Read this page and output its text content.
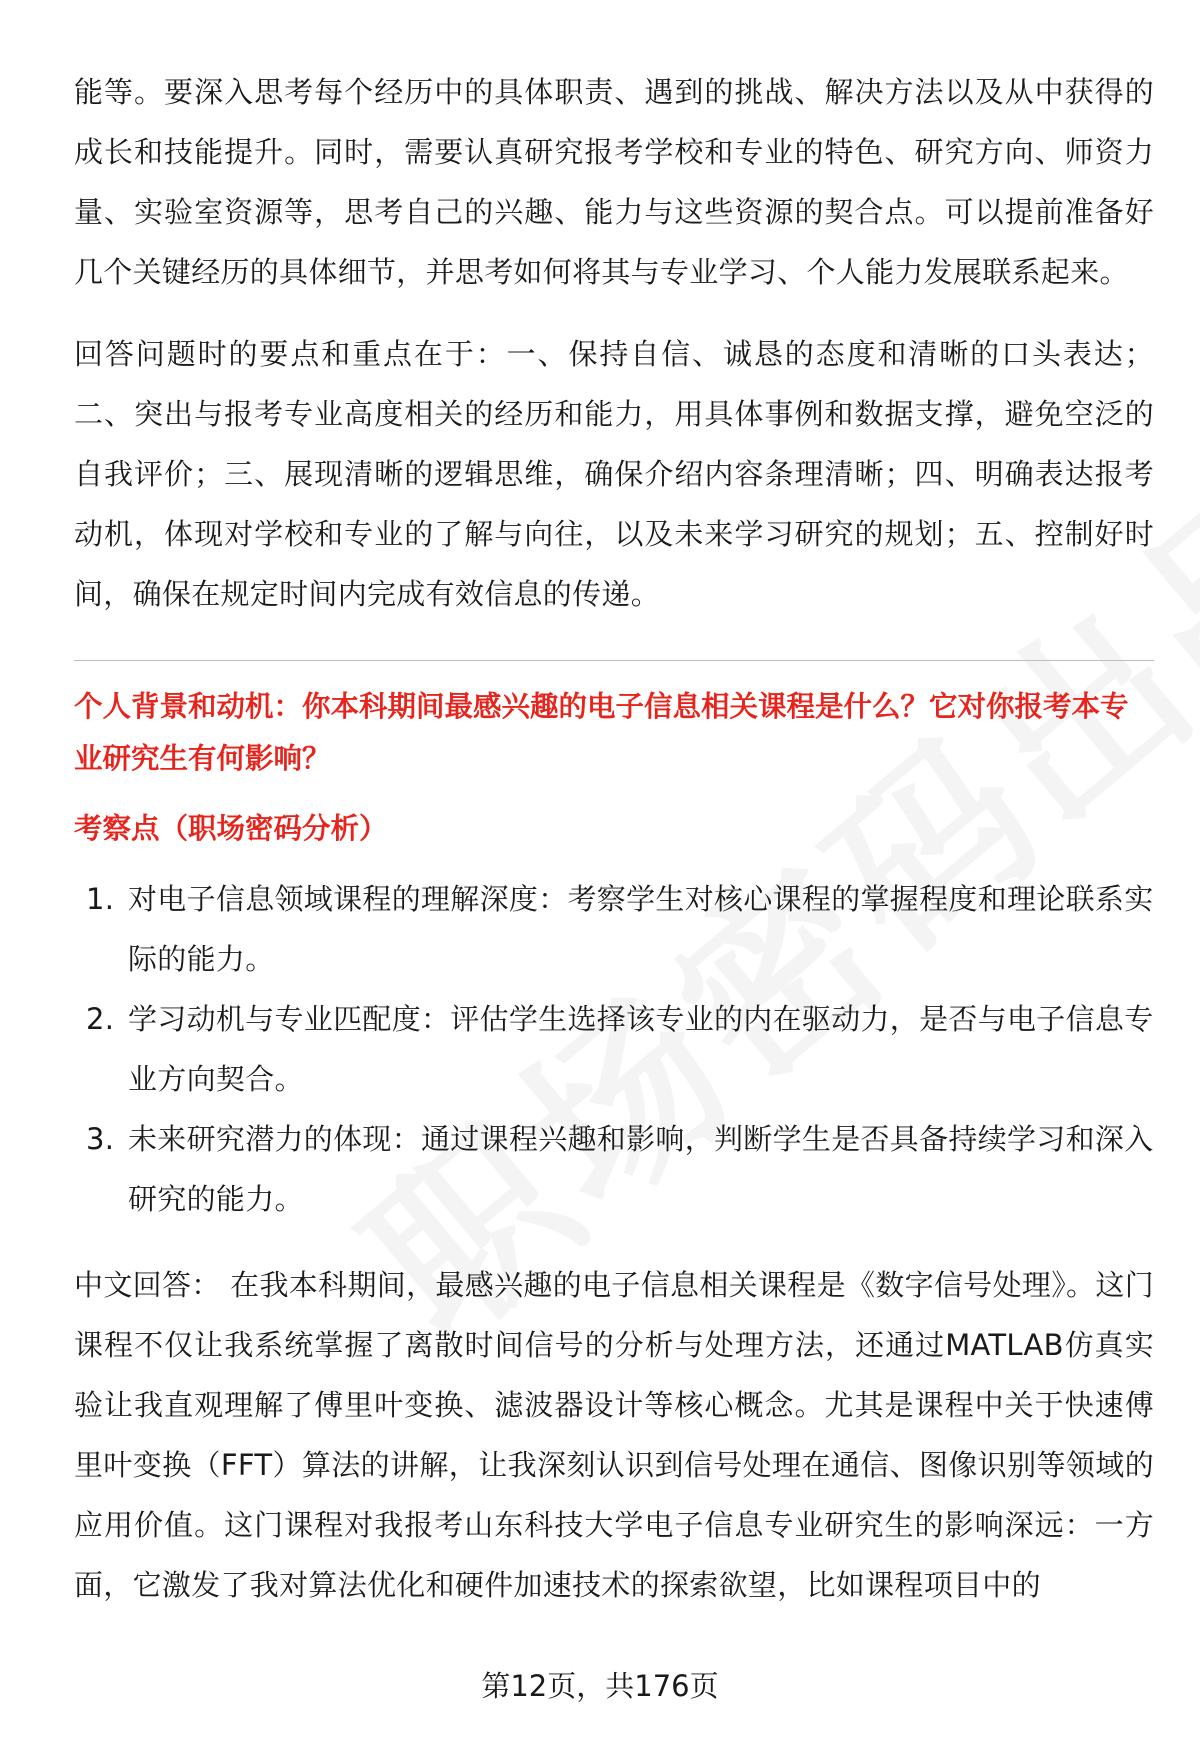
能等。要深入思考每个经历中的具体职责、遇到的挑战、解决方法以及从中获得的成长和技能提升。同时，需要认真研究报考学校和专业的特色、研究方向、师资力量、实验室资源等，思考自己的兴趣、能力与这些资源的契合点。可以提前准备好几个关键经历的具体细节，并思考如何将其与专业学习、个人能力发展联系起来。

回答问题时的要点和重点在于：一、保持自信、诚恳的态度和清晰的口头表达；二、突出与报考专业高度相关的经历和能力，用具体事例和数据支撑，避免空泛的自我评价；三、展现清晰的逻辑思维，确保介绍内容条理清晰；四、明确表达报考动机，体现对学校和专业的了解与向往，以及未来学习研究的规划；五、控制好时间，确保在规定时间内完成有效信息的传递。

个人背景和动机：你本科期间最感兴趣的电子信息相关课程是什么？它对你报考本专业研究生有何影响？

考察点（职场密码分析）

1. 对电子信息领域课程的理解深度：考察学生对核心课程的掌握程度和理论联系实际的能力。
2. 学习动机与专业匹配度：评估学生选择该专业的内在驱动力，是否与电子信息专业方向契合。
3. 未来研究潜力的体现：通过课程兴趣和影响，判断学生是否具备持续学习和深入研究的能力。

中文回答： 在我本科期间，最感兴趣的电子信息相关课程是《数字信号处理》。这门课程不仅让我系统掌握了离散时间信号的分析与处理方法，还通过MATLAB仿真实验让我直观理解了傅里叶变换、滤波器设计等核心概念。尤其是课程中关于快速傅里叶变换（FFT）算法的讲解，让我深刻认识到信号处理在通信、图像识别等领域的应用价值。这门课程对我报考山东科技大学电子信息专业研究生的影响深远：一方面，它激发了我对算法优化和硬件加速技术的探索欲望，比如课程项目中的

第12页，共176页
